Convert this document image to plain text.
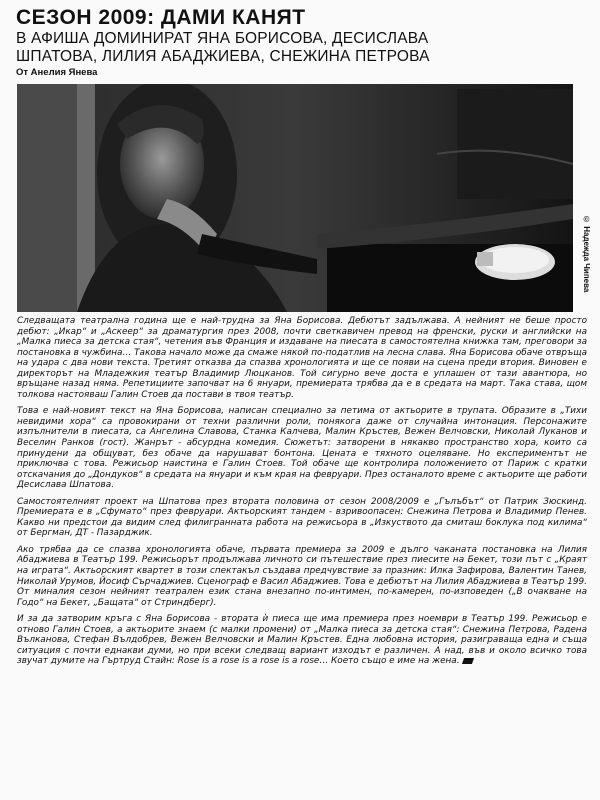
СЕЗОН 2009: ДАМИ КАНЯТ
В АФИША ДОМИНИРАТ ЯНА БОРИСОВА, ДЕСИСЛАВА
ШПАТОВА, ЛИЛИЯ АБАДЖИЕВА, СНЕЖИНА ПЕТРОВА
От Анелия Янева
© Надежда Чипева

Следващата театрална година ще е най-трудна за Яна Борисова. Дебютът задължава. А нейният не беше просто дебют: „Икар“ и „Аскеер“ за драматургия през 2008, почти светкавичен превод на френски, руски и английски на „Малка пиеса за детска стая“, четения във Франция и издаване на пиесата в самостоятелна книжка там, преговори за постановка в чужбина… Такова начало може да смаже някой по-податлив на лесна слава. Яна Борисова обаче отвръща на удара с два нови текста. Третият отказва да спазва хронологията и ще се появи на сцена преди втория. Виновен е директорът на Младежкия театър Владимир Люцканов. Той сигурно вече доста е уплашен от тази авантюра, но връщане назад няма. Репетициите започват на 6 януари, премиерата трябва да е в средата на март. Така става, щом толкова настояваш Галин Стоев да постави в твоя театър.

Това е най-новият текст на Яна Борисова, написан специално за петима от актьорите в трупата. Образите в „Тихи невидими хора“ са провокирани от техни различни роли, понякога даже от случайна интонация. Персонажите изпълнители в пиесата, са Ангелина Славова, Станка Калчева, Малин Кръстев, Вежен Велчовски, Николай Луканов и Веселин Ранков (гост). Жанрът - абсурдна комедия. Сюжетът: затворени в някакво пространство хора, които са принудени да общуват, без обаче да нарушават бонтона. Цената е тяхното оцеляване. Но експериментът не приключва с това. Режисьор наистина е Галин Стоев. Той обаче ще контролира положението от Париж с кратки отскачания до „Дондуков“ в средата на януари и към края на февруари. През останалото време с актьорите ще работи Десислава Шпатова.

Самостоятелният проект на Шпатова през втората половина от сезон 2008/2009 е „Гълъбът“ от Патрик Зюскинд. Премиерата е в „Сфумато“ през февруари. Актьорският тандем - взривоопасен: Снежина Петрова и Владимир Пенев. Какво ни предстои да видим след филигранната работа на режисьора в „Изкуството да смиташ боклука под килима“ от Бергман, ДТ - Пазарджик.

Ако трябва да се спазва хронологията обаче, първата премиера за 2009 е дълго чаканата постановка на Лилия Абаджиева в Театър 199. Режисьорът продължава личното си пътешествие през пиесите на Бекет, този път с „Краят на играта“. Актьорският квартет в този спектакъл създава предчувствие за празник: Илка Зафирова, Валентин Танев, Николай Урумов, Йосиф Сърчаджиев. Сценограф е Васил Абаджиев. Това е дебютът на Лилия Абаджиева в Театър 199. От миналия сезон нейният театрален език стана внезапно по-интимен, по-камерен, по-изповеден („В очакване на Годо“ на Бекет, „Бащата“ от Стриндберг).

И за да затворим кръга с Яна Борисова - втората ѝ пиеса ще има премиера през ноември в Театър 199. Режисьор е отново Галин Стоев, а актьорите знаем (с малки промени) от „Малка пиеса за детска стая“: Снежина Петрова, Радена Вълканова, Стефан Вълдобрев, Вежен Велчовски и Малин Кръстев. Една любовна история, разиграваща една и съща ситуация с почти еднакви думи, но при всеки следващ вариант изходът е различен. А над, във и около всичко това звучат думите на Гъртруд Стайн: Rose is a rose is a rose is a rose… Което също е име на жена.
